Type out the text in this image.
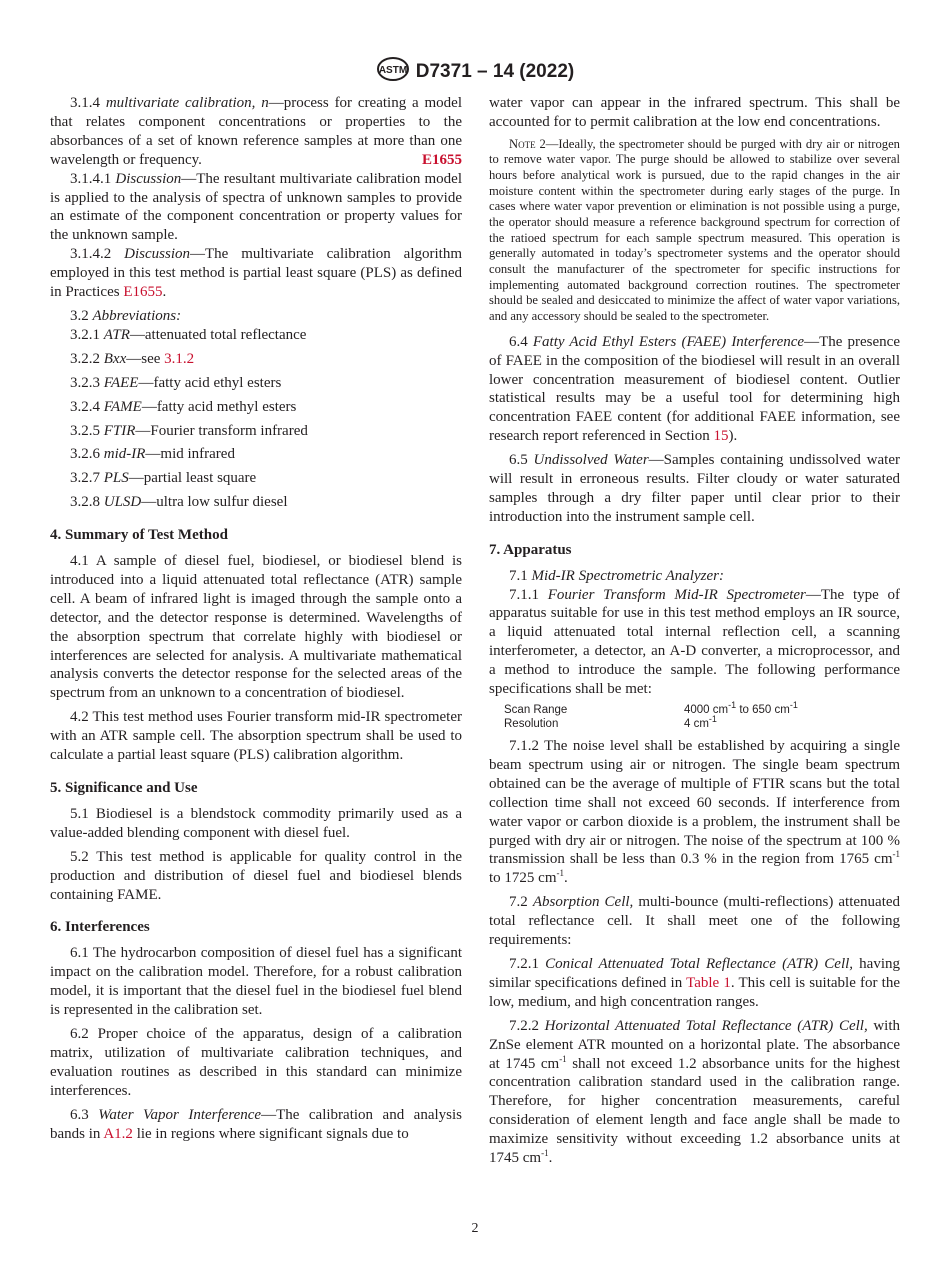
ASTM D7371 – 14 (2022)
3.1.4 multivariate calibration, n—process for creating a model that relates component concentrations or properties to the absorbances of a set of known reference samples at more than one wavelength or frequency.	E1655
3.1.4.1 Discussion—The resultant multivariate calibration model is applied to the analysis of spectra of unknown samples to provide an estimate of the component concentration or property values for the unknown sample.
3.1.4.2 Discussion—The multivariate calibration algorithm employed in this test method is partial least square (PLS) as defined in Practices E1655.
3.2 Abbreviations:
3.2.1 ATR—attenuated total reflectance
3.2.2 Bxx—see 3.1.2
3.2.3 FAEE—fatty acid ethyl esters
3.2.4 FAME—fatty acid methyl esters
3.2.5 FTIR—Fourier transform infrared
3.2.6 mid-IR—mid infrared
3.2.7 PLS—partial least square
3.2.8 ULSD—ultra low sulfur diesel
4. Summary of Test Method
4.1 A sample of diesel fuel, biodiesel, or biodiesel blend is introduced into a liquid attenuated total reflectance (ATR) sample cell. A beam of infrared light is imaged through the sample onto a detector, and the detector response is determined. Wavelengths of the absorption spectrum that correlate highly with biodiesel or interferences are selected for analysis. A multivariate mathematical analysis converts the detector response for the selected areas of the spectrum from an unknown to a concentration of biodiesel.
4.2 This test method uses Fourier transform mid-IR spectrometer with an ATR sample cell. The absorption spectrum shall be used to calculate a partial least square (PLS) calibration algorithm.
5. Significance and Use
5.1 Biodiesel is a blendstock commodity primarily used as a value-added blending component with diesel fuel.
5.2 This test method is applicable for quality control in the production and distribution of diesel fuel and biodiesel blends containing FAME.
6. Interferences
6.1 The hydrocarbon composition of diesel fuel has a significant impact on the calibration model. Therefore, for a robust calibration model, it is important that the diesel fuel in the biodiesel fuel blend is represented in the calibration set.
6.2 Proper choice of the apparatus, design of a calibration matrix, utilization of multivariate calibration techniques, and evaluation routines as described in this standard can minimize interferences.
6.3 Water Vapor Interference—The calibration and analysis bands in A1.2 lie in regions where significant signals due to
water vapor can appear in the infrared spectrum. This shall be accounted for to permit calibration at the low end concentrations.
Note 2—Ideally, the spectrometer should be purged with dry air or nitrogen to remove water vapor. The purge should be allowed to stabilize over several hours before analytical work is pursued, due to the rapid changes in the air moisture content within the spectrometer during early stages of the purge. In cases where water vapor prevention or elimination is not possible using a purge, the operator should measure a reference background spectrum for correction of the ratioed spectrum for each sample spectrum measured. This operation is generally automated in today’s spectrometer systems and the operator should consult the manufacturer of the spectrometer for specific instructions for implementing automated background correction routines. The spectrometer should be sealed and desiccated to minimize the affect of water vapor variations, and any accessory should be sealed to the spectrometer.
6.4 Fatty Acid Ethyl Esters (FAEE) Interference—The presence of FAEE in the composition of the biodiesel will result in an overall lower concentration measurement of biodiesel content. Outlier statistical results may be a useful tool for determining high concentration FAEE content (for additional FAEE information, see research report referenced in Section 15).
6.5 Undissolved Water—Samples containing undissolved water will result in erroneous results. Filter cloudy or water saturated samples through a dry filter paper until clear prior to their introduction into the instrument sample cell.
7. Apparatus
7.1 Mid-IR Spectrometric Analyzer:
7.1.1 Fourier Transform Mid-IR Spectrometer—The type of apparatus suitable for use in this test method employs an IR source, a liquid attenuated total internal reflection cell, a scanning interferometer, a detector, an A-D converter, a microprocessor, and a method to introduce the sample. The following performance specifications shall be met:
Scan Range	4000 $cm^{-1}$ to 650 $cm^{-1}$
Resolution	4 $cm^{-1}$
7.1.2 The noise level shall be established by acquiring a single beam spectrum using air or nitrogen. The single beam spectrum obtained can be the average of multiple of FTIR scans but the total collection time shall not exceed 60 seconds. If interference from water vapor or carbon dioxide is a problem, the instrument shall be purged with dry air or nitrogen. The noise of the spectrum at 100 % transmission shall be less than 0.3 % in the region from 1765 $cm^{-1}$ to 1725 $cm^{-1}$.
7.2 Absorption Cell, multi-bounce (multi-reflections) attenuated total reflectance cell. It shall meet one of the following requirements:
7.2.1 Conical Attenuated Total Reflectance (ATR) Cell, having similar specifications defined in Table 1. This cell is suitable for the low, medium, and high concentration ranges.
7.2.2 Horizontal Attenuated Total Reflectance (ATR) Cell, with ZnSe element ATR mounted on a horizontal plate. The absorbance at 1745 $cm^{-1}$ shall not exceed 1.2 absorbance units for the highest concentration calibration standard used in the calibration range. Therefore, for higher concentration measurements, careful consideration of element length and face angle shall be made to maximize sensitivity without exceeding 1.2 absorbance units at 1745 $cm^{-1}$.
2
